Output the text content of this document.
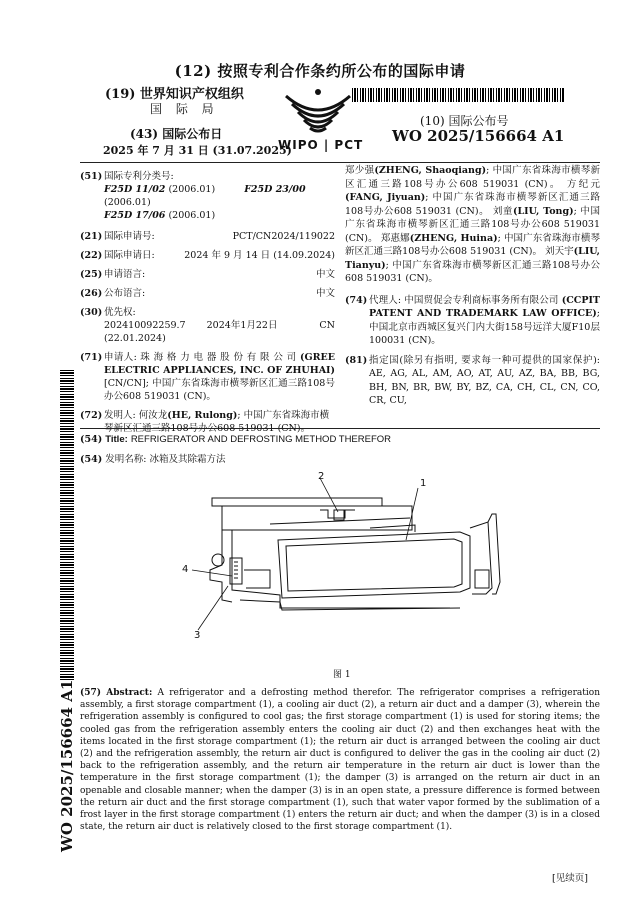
(12) 按照专利合作条约所公布的国际申请
(19) 世界知识产权组织
国 际 局
(43) 国际公布日
2025 年 7 月 31 日 (31.07.2025)
WIPO | PCT
(10) 国际公布号
WO 2025/156664 A1
(51) 国际专利分类号:
F25D 11/02 (2006.01)	F25D 23/00 (2006.01)
F25D 17/06 (2006.01)
(21) 国际申请号:	PCT/CN2024/119022
(22) 国际申请日:	2024 年 9 月 14 日 (14.09.2024)
(25) 申请语言:	中文
(26) 公布语言:	中文
(30) 优先权:
202410092259.7 2024年1月22日 (22.01.2024)
CN
(71) 申请人: 珠 海 格 力 电 器 股 份 有 限 公 司 (GREE ELECTRIC APPLIANCES, INC. OF ZHUHAI) [CN/CN]; 中国广东省珠海市横琴新区汇通三路108号办公608 519031 (CN)。
(72) 发明人: 何汝龙(HE, Rulong); 中国广东省珠海市横琴新区汇通三路108号办公608 519031 (CN)。
郑少强(ZHENG, Shaoqiang); 中国广东省珠海市横琴新区汇通三路108号办公608 519031 (CN)。 方纪元(FANG, Jiyuan); 中国广东省珠海市横琴新区汇通三路108号办公608 519031 (CN)。 刘童(LIU, Tong); 中国广东省珠海市横琴新区汇通三路108号办公608 519031 (CN)。 郑惠娜(ZHENG, Huina); 中国广东省珠海市横琴新区汇通三路108号办公608 519031 (CN)。 刘天宇(LIU, Tianyu); 中国广东省珠海市横琴新区汇通三路108号办公608 519031 (CN)。
(74) 代理人: 中国贸促会专利商标事务所有限公司 (CCPIT PATENT AND TRADEMARK LAW OFFICE); 中国北京市西城区复兴门内大街158号远洋大厦F10层 100031 (CN)。
(81) 指定国(除另有指明, 要求每一种可提供的国家保护): AE, AG, AL, AM, AO, AT, AU, AZ, BA, BB, BG, BH, BN, BR, BW, BY, BZ, CA, CH, CL, CN, CO, CR, CU,
WO 2025/156664 A1
(54) Title: REFRIGERATOR AND DEFROSTING METHOD THEREFOR
(54) 发明名称: 冰箱及其除霜方法
1
2
3
4
图 1
(57) Abstract: A refrigerator and a defrosting method therefor. The refrigerator comprises a refrigeration assembly, a first storage compartment (1), a cooling air duct (2), a return air duct and a damper (3), wherein the refrigeration assembly is configured to cool gas; the first storage compartment (1) is used for storing items; the cooled gas from the refrigeration assembly enters the cooling air duct (2) and then exchanges heat with the items located in the first storage compartment (1); the return air duct is arranged between the cooling air duct (2) and the refrigeration assembly, the return air duct is configured to deliver the gas in the cooling air duct (2) back to the refrigeration assembly, and the return air temperature in the return air duct is lower than the temperature in the first storage compartment (1); the damper (3) is arranged on the return air duct in an openable and closable manner; when the damper (3) is in an open state, a pressure difference is formed between the return air duct and the first storage compartment (1), such that water vapor formed by the sublimation of a frost layer in the first storage compartment (1) enters the return air duct; and when the damper (3) is in a closed state, the return air duct is relatively closed to the first storage compartment (1).
[见续页]
